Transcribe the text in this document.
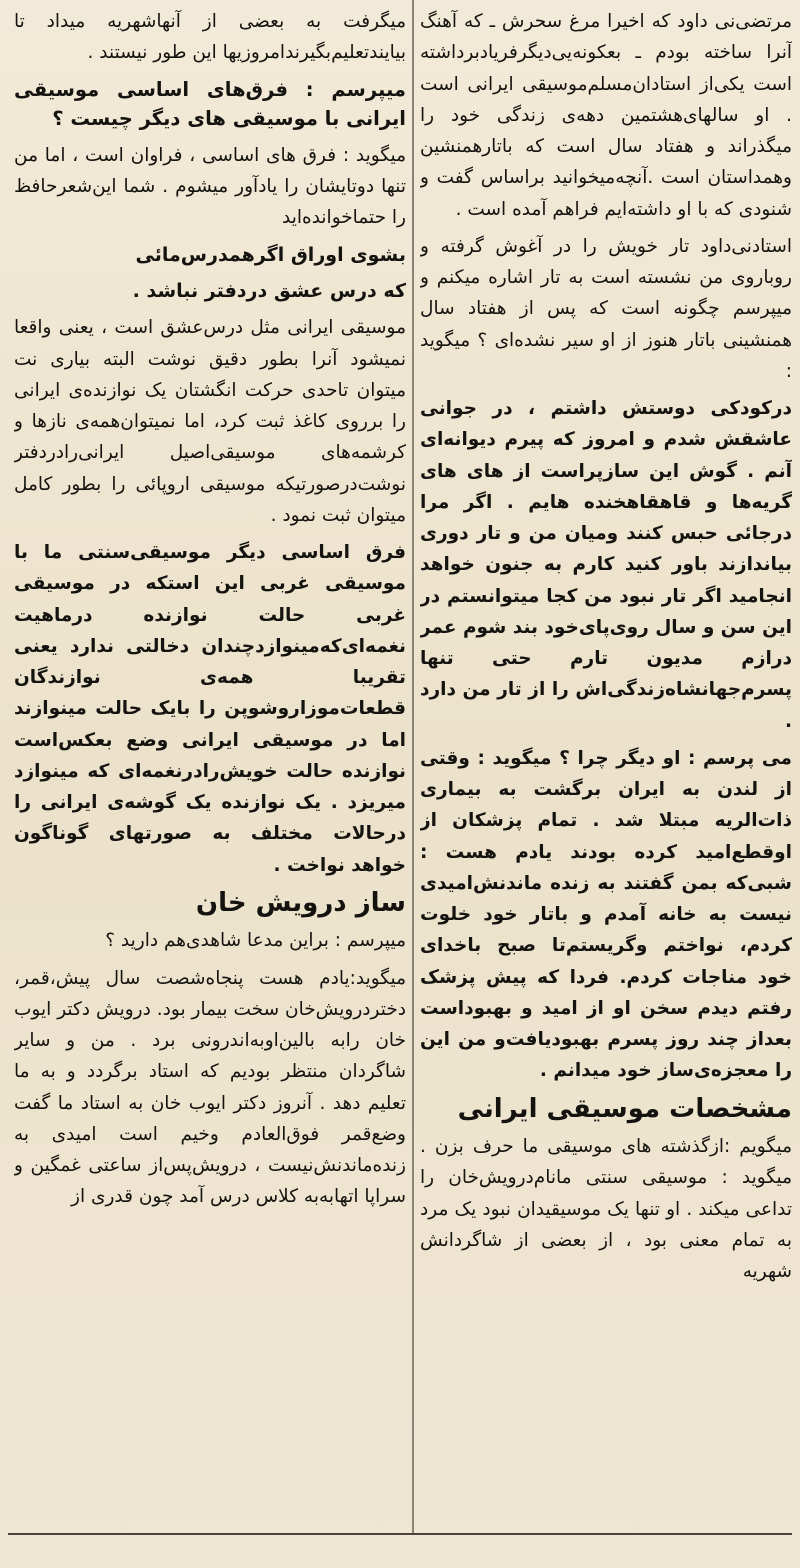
مرتضی‌نی داود که اخیرا مرغ سحرش ـ که آهنگ آنرا ساخته بودم ـ بعکونه‌یی‌دیگرفریادبرداشته است یکی‌از استادان‌مسلم‌موسیقی ایرانی است . او سالهای‌هشتمین دهه‌ی زندگی خود را میگذراند و هفتاد سال است که باتارهمنشین وهمداستان است .آنچه‌میخوانید براساس گفت و شنودی که با او داشته‌ایم فراهم آمده است .

استادنی‌داود تار خویش را در آغوش گرفته و روباروی من نشسته است به تار اشاره میکنم و میپرسم چگونه است که پس از هفتاد سال همنشینی باتار هنوز از او سیر نشده‌ای ؟ میگوید :

درکودکی دوستش داشتم ، در جوانی عاشقش شدم و امروز که پیرم دیوانه‌ای آنم . گوش این سازپراست از های های گریه‌ها و قاهقاهخنده هایم . اگر مرا درجائی حبس کنند ومیان من و تار دوری بیاندازند باور کنید کارم به جنون خواهد انجامید اگر تار نبود من کجا میتوانستم در این سن و سال روی‌پای‌خود بند شوم عمر درازم مدیون تارم حتی تنها پسرم‌جهانشاه‌زندگی‌اش را از تار من دارد .

می پرسم : او دیگر چرا ؟ میگوید : وقتی از لندن به ایران برگشت به بیماری ذات‌الریه مبتلا شد . تمام پزشکان از اوقطع‌امید کرده بودند یادم هست : شبی‌که بمن گفتند به زنده ماندنش‌امیدی نیست به خانه آمدم و باتار خود خلوت کردم، نواختم وگریستم‌تا صبح باخدای خود مناجات کردم. فردا که پیش پزشک رفتم دیدم سخن او از امید و بهبوداست بعداز چند روز پسرم بهبودیافت‌و من این را معجزه‌ی‌ساز خود میدانم .

مشخصات موسیقی ایرانی

میگویم :ازگذشته های موسیقی ما حرف بزن . میگوید : موسیقی سنتی مانام‌درویش‌خان را تداعی میکند . او تنها یک موسیقیدان نبود یک مرد به تمام معنی بود ، از بعضی از شاگردانش شهریه

میگرفت به بعضی از آنهاشهریه میداد تا بیایندتعلیم‌بگیرندامروزیها این طور نیستند .

میپرسم : فرق‌های اساسی موسیقی ایرانی با موسیقی های دیگر چیست ؟

میگوید : فرق های اساسی ، فراوان است ، اما من تنها دوتایشان را یادآور میشوم . شما این‌شعرحافظ را حتماخوانده‌اید

بشوی اوراق اگرهمدرس‌مائی

که درس عشق دردفتر نباشد .

موسیقی ایرانی مثل درس‌عشق است ، یعنی واقعا نمیشود آنرا بطور دقیق نوشت البته بیاری نت میتوان تاحدی حرکت انگشتان یک نوازنده‌ی ایرانی را برروی کاغذ ثبت کرد، اما نمیتوان‌همه‌ی نازها و کرشمه‌های موسیقی‌اصیل ایرانی‌رادردفتر نوشت‌درصورتیکه موسیقی اروپائی را بطور کامل میتوان ثبت نمود .

فرق اساسی دیگر موسیقی‌سنتی ما با موسیقی غربی این استکه در موسیقی غربی حالت نوازنده درماهیت نغمه‌ای‌که‌مینوازدچندان دخالتی ندارد یعنی تقریبا همه‌ی نوازندگان قطعات‌موزاروشوپن را بایک حالت مینوازند اما در موسیقی ایرانی وضع بعکس‌است نوازنده حالت خویش‌رادرنغمه‌ای که مینوازد میریزد . یک نوازنده یک گوشه‌ی ایرانی را درحالات مختلف به صورتهای گوناگون خواهد نواخت .

ساز درویش خان

میپرسم : براین مدعا شاهدی‌هم دارید ؟

میگوید:یادم هست پنجاه‌شصت سال پیش،قمر، دختردرویش‌خان سخت بیمار بود. درویش دکتر ایوب خان رابه بالین‌اوبه‌اندرونی برد . من و سایر شاگردان منتظر بودیم که استاد برگردد و به ما تعلیم دهد . آنروز دکتر ایوب خان به استاد ما گفت وضع‌قمر فوق‌العادم وخیم است امیدی به زنده‌ماندنش‌نیست ، درویش‌پس‌از ساعتی غمگین و سراپا اتهابه‌به کلاس درس آمد چون قدری از
